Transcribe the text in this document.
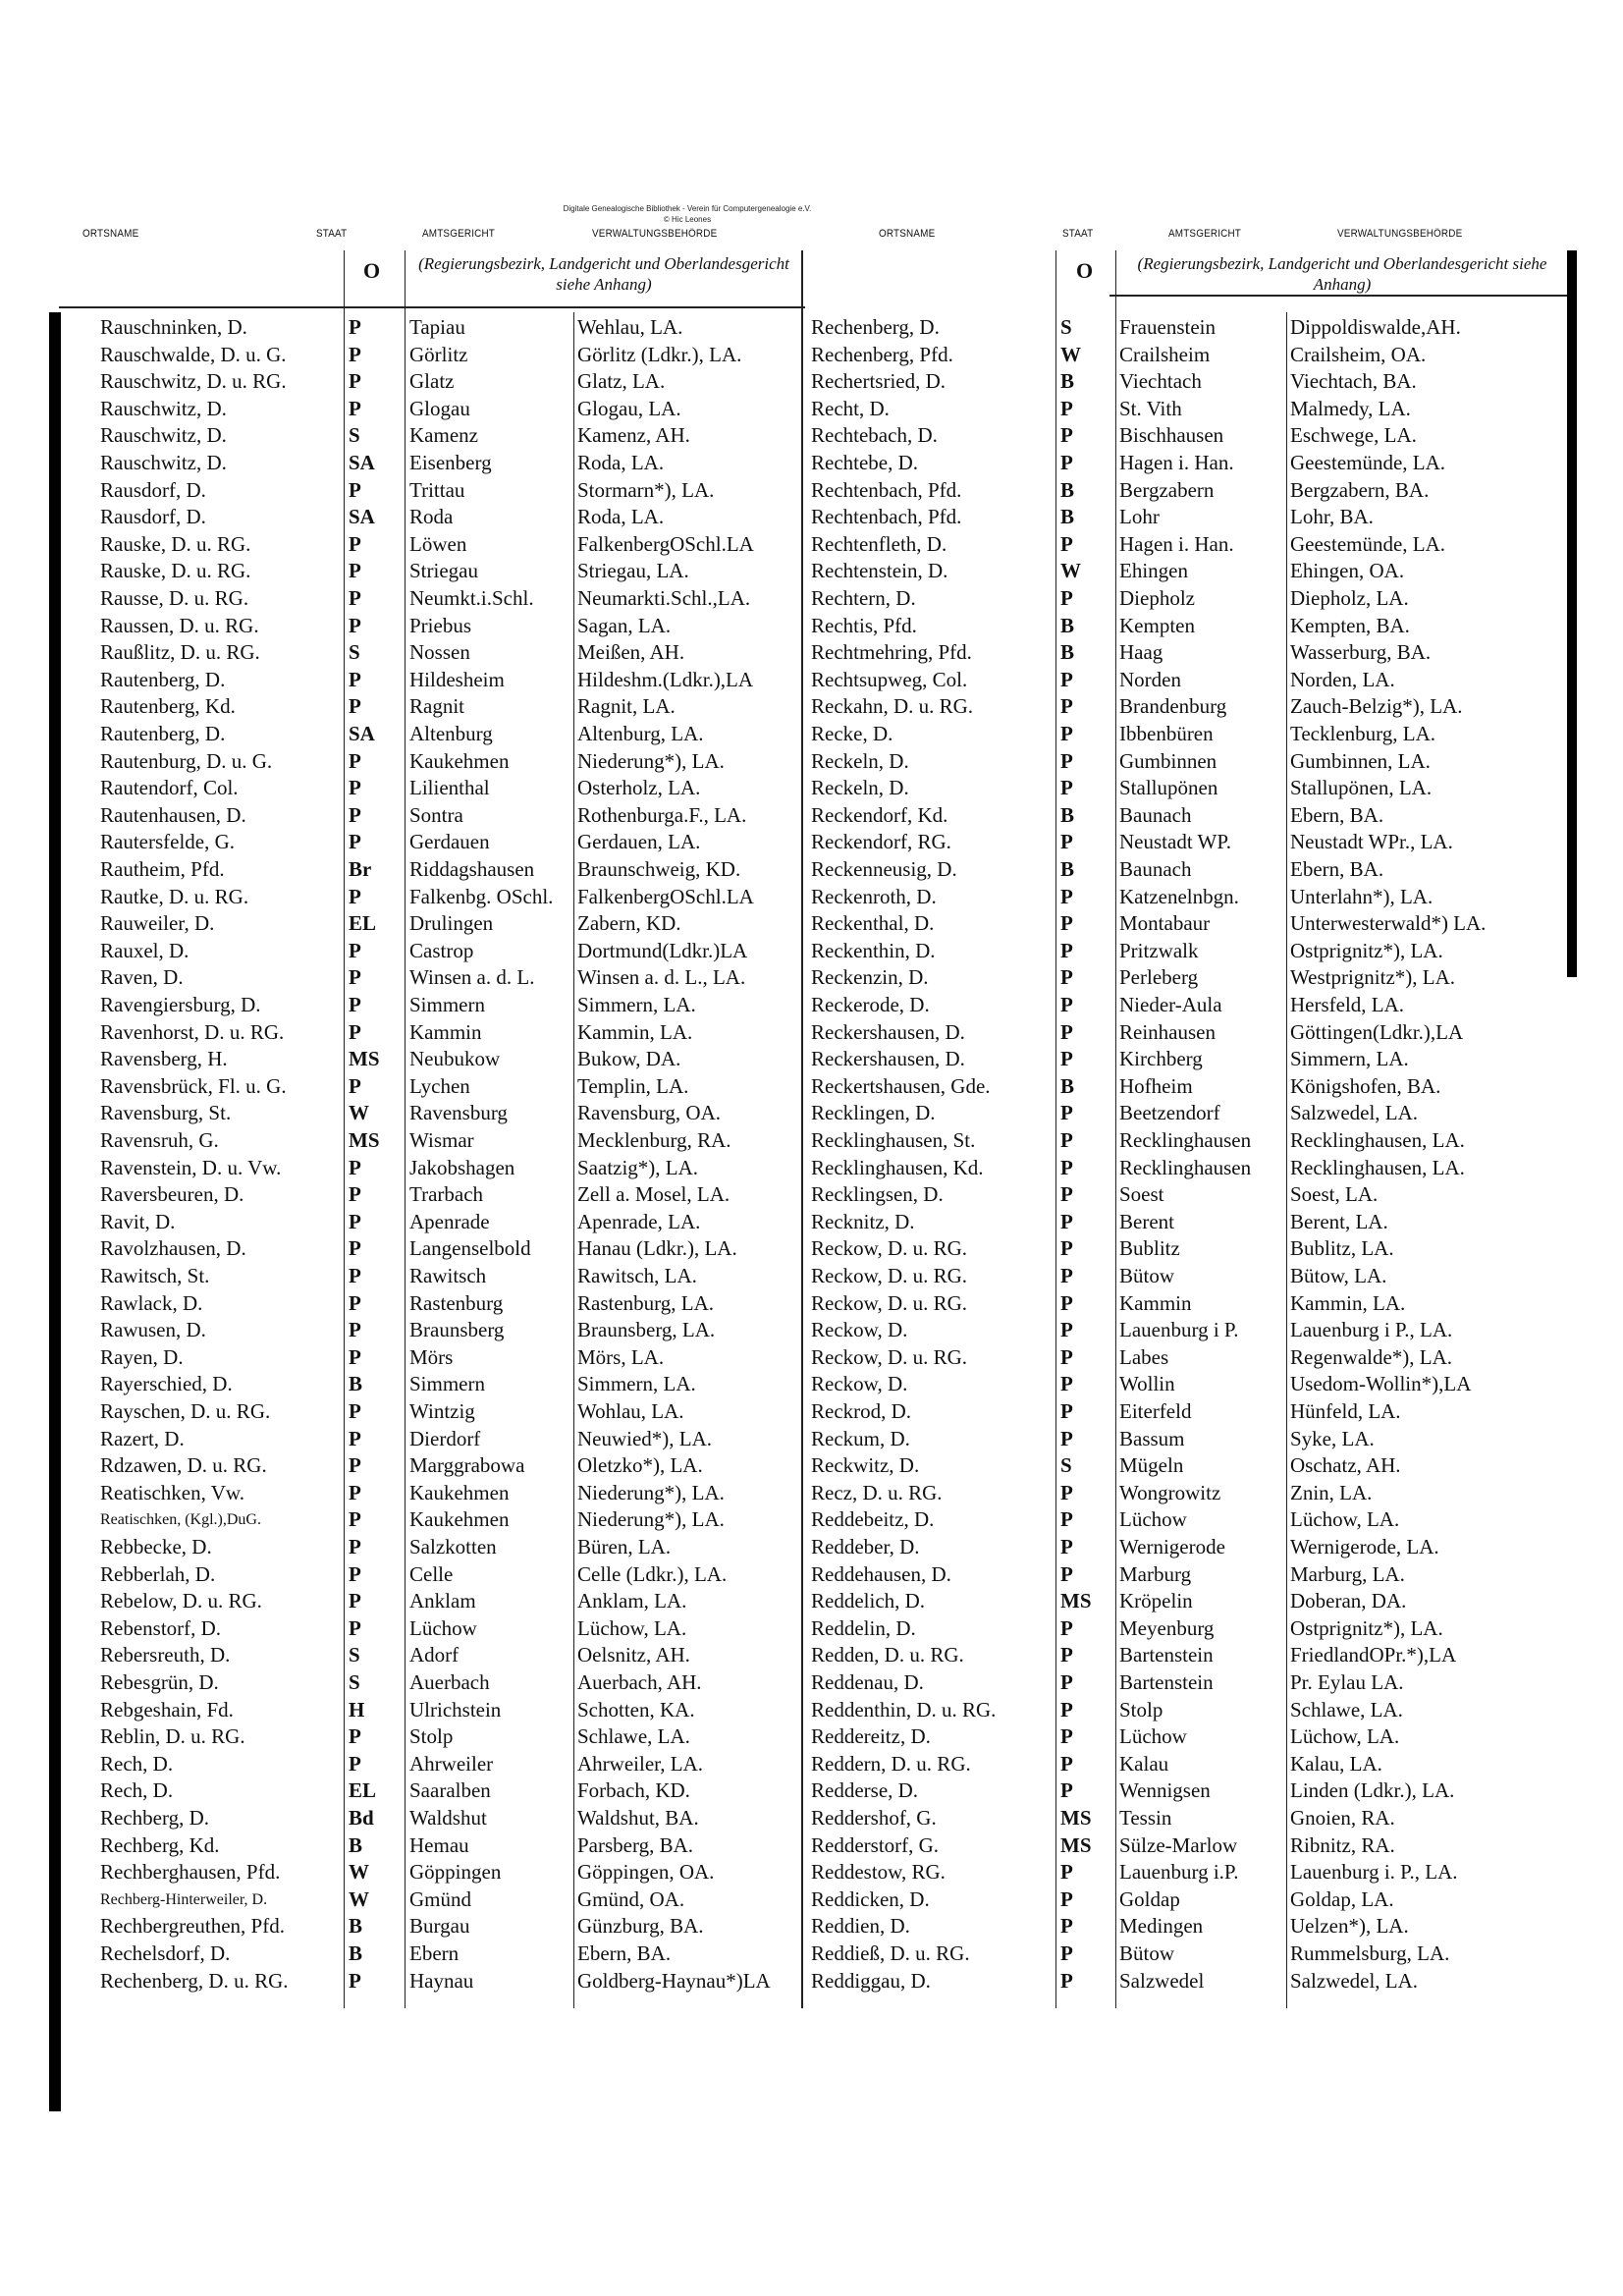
Digitale Genealogische Bibliothek - Verein für Computergenealogie e.V.
© Hic Leones
ORTSNAME	STAAT	AMTSGERICHT	VERWALTUNGSBEHÖRDE	ORTSNAME	STAAT	AMTSGERICHT	VERWALTUNGSBEHÖRDE
O	O
(Regierungsbezirk, Landgericht und Oberlandesgericht siehe Anhang)
(Regierungsbezirk, Landgericht und Oberlandesgericht siehe Anhang)
Rauschninken, D.	P	Tapiau	Wehlau, LA.
Rauschwalde, D. u. G.	P	Görlitz	Görlitz (Ldkr.), LA.
Rauschwitz, D. u. RG.	P	Glatz	Glatz, LA.
Rauschwitz, D.	P	Glogau	Glogau, LA.
Rauschwitz, D.	S	Kamenz	Kamenz, AH.
Rauschwitz, D.	SA	Eisenberg	Roda, LA.
Rausdorf, D.	P	Trittau	Stormarn*), LA.
Rausdorf, D.	SA	Roda	Roda, LA.
Rauske, D. u. RG.	P	Löwen	FalkenbergOSchl.LA
Rauske, D. u. RG.	P	Striegau	Striegau, LA.
Rausse, D. u. RG.	P	Neumkt.i.Schl.	Neumarkti.Schl.,LA.
Raussen, D. u. RG.	P	Priebus	Sagan, LA.
Raußlitz, D. u. RG.	S	Nossen	Meißen, AH.
Rautenberg, D.	P	Hildesheim	Hildeshm.(Ldkr.),LA
Rautenberg, Kd.	P	Ragnit	Ragnit, LA.
Rautenberg, D.	SA	Altenburg	Altenburg, LA.
Rautenburg, D. u. G.	P	Kaukehmen	Niederung*), LA.
Rautendorf, Col.	P	Lilienthal	Osterholz, LA.
Rautenhausen, D.	P	Sontra	Rothenburga.F., LA.
Rautersfelde, G.	P	Gerdauen	Gerdauen, LA.
Rautheim, Pfd.	Br	Riddagshausen	Braunschweig, KD.
Rautke, D. u. RG.	P	Falkenbg. OSchl.	FalkenbergOSchl.LA
Rauweiler, D.	EL	Drulingen	Zabern, KD.
Rauxel, D.	P	Castrop	Dortmund(Ldkr.)LA
Raven, D.	P	Winsen a. d. L.	Winsen a. d. L., LA.
Ravengiersburg, D.	P	Simmern	Simmern, LA.
Ravenhorst, D. u. RG.	P	Kammin	Kammin, LA.
Ravensberg, H.	MS	Neubukow	Bukow, DA.
Ravensbrück, Fl. u. G.	P	Lychen	Templin, LA.
Ravensburg, St.	W	Ravensburg	Ravensburg, OA.
Ravensruh, G.	MS	Wismar	Mecklenburg, RA.
Ravenstein, D. u. Vw.	P	Jakobshagen	Saatzig*), LA.
Raversbeuren, D.	P	Trarbach	Zell a. Mosel, LA.
Ravit, D.	P	Apenrade	Apenrade, LA.
Ravolzhausen, D.	P	Langenselbold	Hanau (Ldkr.), LA.
Rawitsch, St.	P	Rawitsch	Rawitsch, LA.
Rawlack, D.	P	Rastenburg	Rastenburg, LA.
Rawusen, D.	P	Braunsberg	Braunsberg, LA.
Rayen, D.	P	Mörs	Mörs, LA.
Rayerschied, D.	B	Simmern	Simmern, LA.
Rayschen, D. u. RG.	P	Wintzig	Wohlau, LA.
Razert, D.	P	Dierdorf	Neuwied*), LA.
Rdzawen, D. u. RG.	P	Marggrabowa	Oletzko*), LA.
Reatischken, Vw.	P	Kaukehmen	Niederung*), LA.
Reatischken, (Kgl.),DuG.	P	Kaukehmen	Niederung*), LA.
Rebbecke, D.	P	Salzkotten	Büren, LA.
Rebberlah, D.	P	Celle	Celle (Ldkr.), LA.
Rebelow, D. u. RG.	P	Anklam	Anklam, LA.
Rebenstorf, D.	P	Lüchow	Lüchow, LA.
Rebersreuth, D.	S	Adorf	Oelsnitz, AH.
Rebesgrün, D.	S	Auerbach	Auerbach, AH.
Rebgeshain, Fd.	H	Ulrichstein	Schotten, KA.
Reblin, D. u. RG.	P	Stolp	Schlawe, LA.
Rech, D.	P	Ahrweiler	Ahrweiler, LA.
Rech, D.	EL	Saaralben	Forbach, KD.
Rechberg, D.	Bd	Waldshut	Waldshut, BA.
Rechberg, Kd.	B	Hemau	Parsberg, BA.
Rechberghausen, Pfd.	W	Göppingen	Göppingen, OA.
Rechberg-Hinterweiler, D.	W	Gmünd	Gmünd, OA.
Rechbergreuthen, Pfd.	B	Burgau	Günzburg, BA.
Rechelsdorf, D.	B	Ebern	Ebern, BA.
Rechenberg, D. u. RG.	P	Haynau	Goldberg-Haynau*)LA
Rechenberg, D.	S	Frauenstein	Dippoldiswalde,AH.
Rechenberg, Pfd.	W	Crailsheim	Crailsheim, OA.
Rechertsried, D.	B	Viechtach	Viechtach, BA.
Recht, D.	P	St. Vith	Malmedy, LA.
Rechtebach, D.	P	Bischhausen	Eschwege, LA.
Rechtebe, D.	P	Hagen i. Han.	Geestemünde, LA.
Rechtenbach, Pfd.	B	Bergzabern	Bergzabern, BA.
Rechtenbach, Pfd.	B	Lohr	Lohr, BA.
Rechtenfleth, D.	P	Hagen i. Han.	Geestemünde, LA.
Rechtenstein, D.	W	Ehingen	Ehingen, OA.
Rechtern, D.	P	Diepholz	Diepholz, LA.
Rechtis, Pfd.	B	Kempten	Kempten, BA.
Rechtmehring, Pfd.	B	Haag	Wasserburg, BA.
Rechtsupweg, Col.	P	Norden	Norden, LA.
Reckahn, D. u. RG.	P	Brandenburg	Zauch-Belzig*), LA.
Recke, D.	P	Ibbenbüren	Tecklenburg, LA.
Reckeln, D.	P	Gumbinnen	Gumbinnen, LA.
Reckeln, D.	P	Stallupönen	Stallupönen, LA.
Reckendorf, Kd.	B	Baunach	Ebern, BA.
Reckendorf, RG.	P	Neustadt WP.	Neustadt WPr., LA.
Reckenneusig, D.	B	Baunach	Ebern, BA.
Reckenroth, D.	P	Katzenelnbgn.	Unterlahn*), LA.
Reckenthal, D.	P	Montabaur	Unterwesterwald*) LA.
Reckenthin, D.	P	Pritzwalk	Ostprignitz*), LA.
Reckenzin, D.	P	Perleberg	Westprignitz*), LA.
Reckerode, D.	P	Nieder-Aula	Hersfeld, LA.
Reckershausen, D.	P	Reinhausen	Göttingen(Ldkr.),LA
Reckershausen, D.	P	Kirchberg	Simmern, LA.
Reckertshausen, Gde.	B	Hofheim	Königshofen, BA.
Recklingen, D.	P	Beetzendorf	Salzwedel, LA.
Recklinghausen, St.	P	Recklinghausen	Recklinghausen, LA.
Recklinghausen, Kd.	P	Recklinghausen	Recklinghausen, LA.
Recklingsen, D.	P	Soest	Soest, LA.
Recknitz, D.	P	Berent	Berent, LA.
Reckow, D. u. RG.	P	Bublitz	Bublitz, LA.
Reckow, D. u. RG.	P	Bütow	Bütow, LA.
Reckow, D. u. RG.	P	Kammin	Kammin, LA.
Reckow, D.	P	Lauenburg i P.	Lauenburg i P., LA.
Reckow, D. u. RG.	P	Labes	Regenwalde*), LA.
Reckow, D.	P	Wollin	Usedom-Wollin*),LA
Reckrod, D.	P	Eiterfeld	Hünfeld, LA.
Reckum, D.	P	Bassum	Syke, LA.
Reckwitz, D.	S	Mügeln	Oschatz, AH.
Recz, D. u. RG.	P	Wongrowitz	Znin, LA.
Reddebeitz, D.	P	Lüchow	Lüchow, LA.
Reddeber, D.	P	Wernigerode	Wernigerode, LA.
Reddehausen, D.	P	Marburg	Marburg, LA.
Reddelich, D.	MS	Kröpelin	Doberan, DA.
Reddelin, D.	P	Meyenburg	Ostprignitz*), LA.
Redden, D. u. RG.	P	Bartenstein	FriedlandOPr.*),LA
Reddenau, D.	P	Bartenstein	Pr. Eylau LA.
Reddenthin, D. u. RG.	P	Stolp	Schlawe, LA.
Reddereitz, D.	P	Lüchow	Lüchow, LA.
Reddern, D. u. RG.	P	Kalau	Kalau, LA.
Redderse, D.	P	Wennigsen	Linden (Ldkr.), LA.
Reddershof, G.	MS	Tessin	Gnoien, RA.
Redderstorf, G.	MS	Sülze-Marlow	Ribnitz, RA.
Reddestow, RG.	P	Lauenburg i.P.	Lauenburg i. P., LA.
Reddicken, D.	P	Goldap	Goldap, LA.
Reddien, D.	P	Medingen	Uelzen*), LA.
Reddieß, D. u. RG.	P	Bütow	Rummelsburg, LA.
Reddiggau, D.	P	Salzwedel	Salzwedel, LA.
